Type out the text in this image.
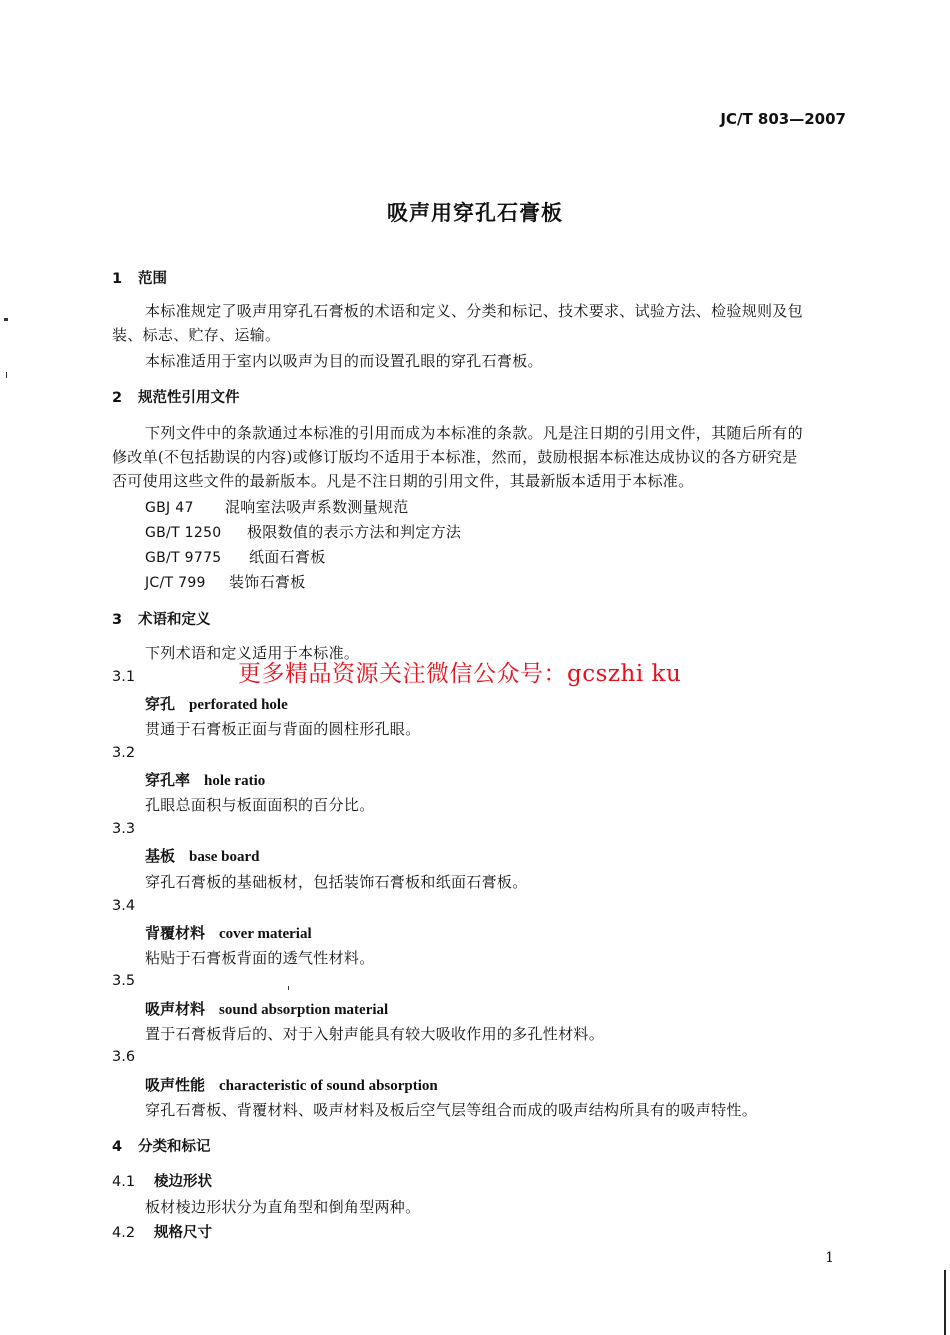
JC/T 803—2007
吸声用穿孔石膏板
1 范围
本标准规定了吸声用穿孔石膏板的术语和定义、分类和标记、技术要求、试验方法、检验规则及包
装、标志、贮存、运输。
本标准适用于室内以吸声为目的而设置孔眼的穿孔石膏板。
2 规范性引用文件
下列文件中的条款通过本标准的引用而成为本标准的条款。凡是注日期的引用文件，其随后所有的
修改单(不包括勘误的内容)或修订版均不适用于本标准，然而，鼓励根据本标准达成协议的各方研究是
否可使用这些文件的最新版本。凡是不注日期的引用文件，其最新版本适用于本标准。
GBJ 47 混响室法吸声系数测量规范
GB/T 1250 极限数值的表示方法和判定方法
GB/T 9775 纸面石膏板
JC/T 799 装饰石膏板
3 术语和定义
下列术语和定义适用于本标准。
3.1
穿孔 perforated hole
贯通于石膏板正面与背面的圆柱形孔眼。
3.2
穿孔率 hole ratio
孔眼总面积与板面面积的百分比。
3.3
基板 base board
穿孔石膏板的基础板材，包括装饰石膏板和纸面石膏板。
3.4
背覆材料 cover material
粘贴于石膏板背面的透气性材料。
3.5
吸声材料 sound absorption material
置于石膏板背后的、对于入射声能具有较大吸收作用的多孔性材料。
3.6
吸声性能 characteristic of sound absorption
穿孔石膏板、背覆材料、吸声材料及板后空气层等组合而成的吸声结构所具有的吸声特性。
4 分类和标记
4.1 棱边形状
板材棱边形状分为直角型和倒角型两种。
4.2 规格尺寸
更多精品资源关注微信公众号：gcszhi ku
1
